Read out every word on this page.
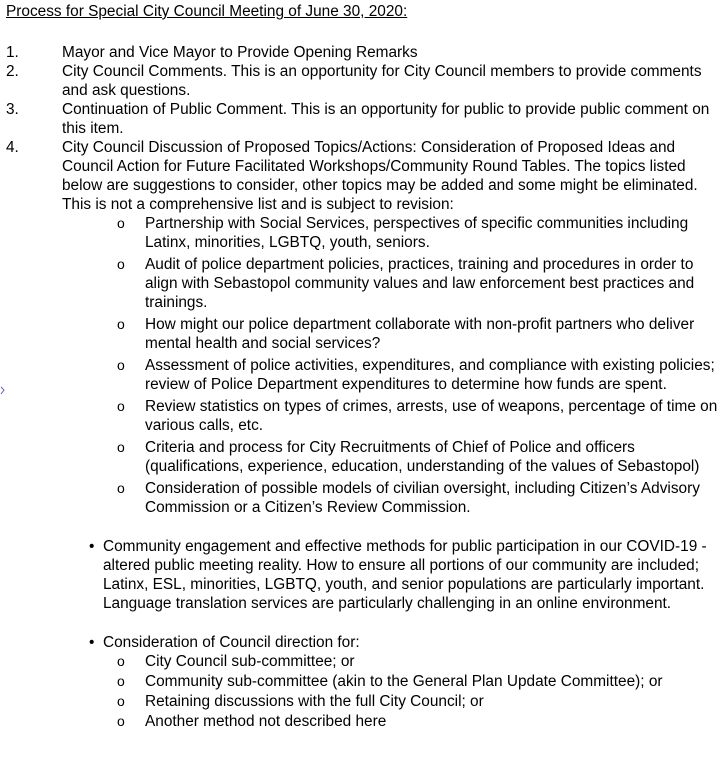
Process for Special City Council Meeting of June 30, 2020:
1.	Mayor and Vice Mayor to Provide Opening Remarks
2.	City Council Comments. This is an opportunity for City Council members to provide comments and ask questions.
3.	Continuation of Public Comment. This is an opportunity for public to provide public comment on this item.
4.	City Council Discussion of Proposed Topics/Actions: Consideration of Proposed Ideas and Council Action for Future Facilitated Workshops/Community Round Tables. The topics listed below are suggestions to consider, other topics may be added and some might be eliminated. This is not a comprehensive list and is subject to revision:
o Partnership with Social Services, perspectives of specific communities including Latinx, minorities, LGBTQ, youth, seniors.
o Audit of police department policies, practices, training and procedures in order to align with Sebastopol community values and law enforcement best practices and trainings.
o How might our police department collaborate with non-profit partners who deliver mental health and social services?
o Assessment of police activities, expenditures, and compliance with existing policies; review of Police Department expenditures to determine how funds are spent.
o Review statistics on types of crimes, arrests, use of weapons, percentage of time on various calls, etc.
o Criteria and process for City Recruitments of Chief of Police and officers (qualifications, experience, education, understanding of the values of Sebastopol)
o Consideration of possible models of civilian oversight, including Citizen’s Advisory Commission or a Citizen’s Review Commission.
• Community engagement and effective methods for public participation in our COVID-19 - altered public meeting reality. How to ensure all portions of our community are included; Latinx, ESL, minorities, LGBTQ, youth, and senior populations are particularly important. Language translation services are particularly challenging in an online environment.
• Consideration of Council direction for:
o City Council sub-committee; or
o Community sub-committee (akin to the General Plan Update Committee); or
o Retaining discussions with the full City Council; or
o Another method not described here
